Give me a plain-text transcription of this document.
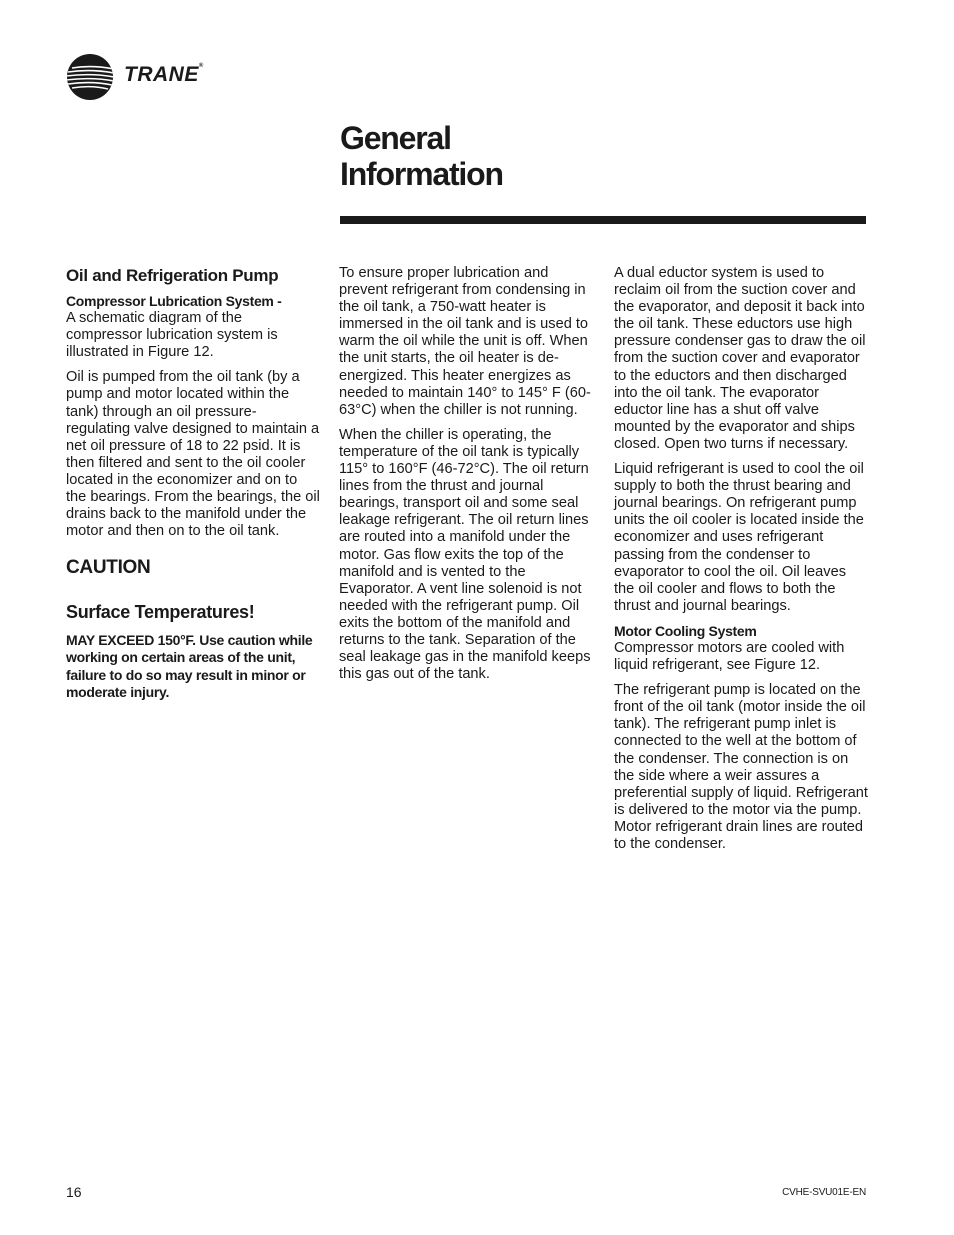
TRANE®
General
Information
Oil and Refrigeration Pump

Compressor Lubrication System -
A schematic diagram of the compressor lubrication system is illustrated in Figure 12.

Oil is pumped from the oil tank (by a pump and motor located within the tank) through an oil pressure-regulating valve designed to maintain a net oil pressure of 18 to 22 psid. It is then filtered and sent to the oil cooler located in the economizer and on to the bearings. From the bearings, the oil drains back to the manifold under the motor and then on to the oil tank.

CAUTION
Surface Temperatures!

MAY EXCEED 150°F. Use caution while working on certain areas of the unit, failure to do so may result in minor or moderate injury.

To ensure proper lubrication and prevent refrigerant from condensing in the oil tank, a 750-watt heater is immersed in the oil tank and is used to warm the oil while the unit is off. When the unit starts, the oil heater is de-energized. This heater energizes as needed to maintain 140° to 145° F (60-63°C) when the chiller is not running.

When the chiller is operating, the temperature of the oil tank is typically 115° to 160°F (46-72°C). The oil return lines from the thrust and journal bearings, transport oil and some seal leakage refrigerant. The oil return lines are routed into a manifold under the motor. Gas flow exits the top of the manifold and is vented to the Evaporator. A vent line solenoid is not needed with the refrigerant pump. Oil exits the bottom of the manifold and returns to the tank. Separation of the seal leakage gas in the manifold keeps this gas out of the tank.

A dual eductor system is used to reclaim oil from the suction cover and the evaporator, and deposit it back into the oil tank. These eductors use high pressure condenser gas to draw the oil from the suction cover and evaporator to the eductors and then discharged into the oil tank. The evaporator eductor line has a shut off valve mounted by the evaporator and ships closed. Open two turns if necessary.

Liquid refrigerant is used to cool the oil supply to both the thrust bearing and journal bearings. On refrigerant pump units the oil cooler is located inside the economizer and uses refrigerant passing from the condenser to evaporator to cool the oil. Oil leaves the oil cooler and flows to both the thrust and journal bearings.

Motor Cooling System
Compressor motors are cooled with liquid refrigerant, see Figure 12.

The refrigerant pump is located on the front of the oil tank (motor inside the oil tank). The refrigerant pump inlet is connected to the well at the bottom of the condenser. The connection is on the side where a weir assures a preferential supply of liquid. Refrigerant is delivered to the motor via the pump. Motor refrigerant drain lines are routed to the condenser.

16	CVHE-SVU01E-EN
